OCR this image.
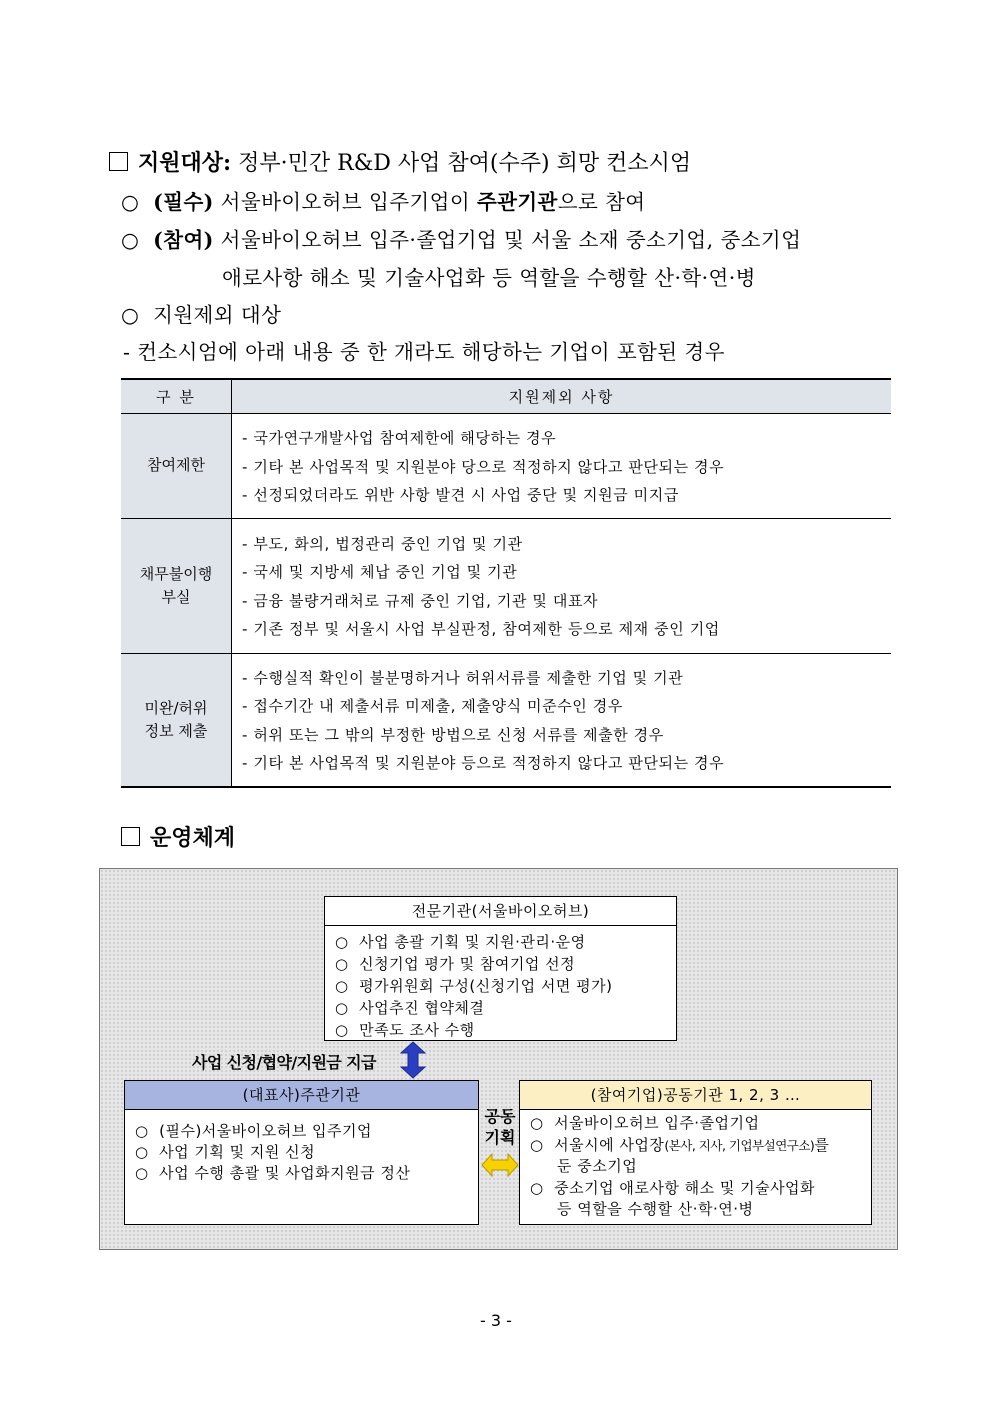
지원대상: 정부·민간 R&D 사업 참여(수주) 희망 컨소시엄
○ (필수) 서울바이오허브 입주기업이 주관기관으로 참여
○ (참여) 서울바이오허브 입주·졸업기업 및 서울 소재 중소기업, 중소기업
애로사항 해소 및 기술사업화 등 역할을 수행할 산·학·연·병
○ 지원제외 대상
- 컨소시엄에 아래 내용 중 한 개라도 해당하는 기업이 포함된 경우
구 분	지원제외 사항
참여제한	- 국가연구개발사업 참여제한에 해당하는 경우
- 기타 본 사업목적 및 지원분야 당으로 적정하지 않다고 판단되는 경우
- 선정되었더라도 위반 사항 발견 시 사업 중단 및 지원금 미지급

채무불이행
부실	- 부도, 화의, 법정관리 중인 기업 및 기관
- 국세 및 지방세 체납 중인 기업 및 기관
- 금융 불량거래처로 규제 중인 기업, 기관 및 대표자
- 기존 정부 및 서울시 사업 부실판정, 참여제한 등으로 제재 중인 기업

미완/허위
정보 제출	- 수행실적 확인이 불분명하거나 허위서류를 제출한 기업 및 기관
- 접수기간 내 제출서류 미제출, 제출양식 미준수인 경우
- 허위 또는 그 밖의 부정한 방법으로 신청 서류를 제출한 경우
- 기타 본 사업목적 및 지원분야 등으로 적정하지 않다고 판단되는 경우
운영체계
전문기관(서울바이오허브)
○  사업 총괄 기획 및 지원·관리·운영
○  신청기업 평가 및 참여기업 선정
○  평가위원회 구성(신청기업 서면 평가)
○  사업추진 협약체결
○  만족도 조사 수행
사업 신청/협약/지원금 지급
(대표사)주관기관
○  (필수)서울바이오허브 입주기업
○  사업 기획 및 지원 신청
○  사업 수행 총괄 및 사업화지원금 정산
공동
기획
(참여기업)공동기관 1, 2, 3 …
○  서울바이오허브 입주·졸업기업
○  서울시에 사업장(본사, 지사, 기업부설연구소)를
둔 중소기업
○  중소기업 애로사항 해소 및 기술사업화
등 역할을 수행할 산·학·연·병
- 3 -
